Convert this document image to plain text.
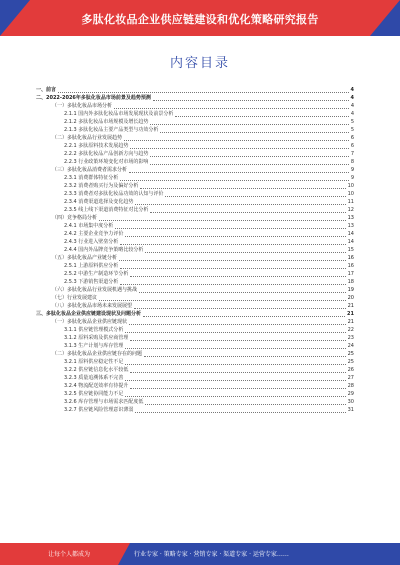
多肽化妆品企业供应链建设和优化策略研究报告
内容目录
一、前言	4
二、2022-2026年多肽化妆品市场前景及趋势预测	4
（一）多肽化妆品市场分析	4
2.1.1 国内外多肽化妆品市场发展现状及前景分析	4
2.1.2 多肽化妆品市场规模及增长趋势	5
2.1.3 多肽化妆品主要产品类型与功效分析	5
（二）多肽化妆品行业发展趋势	6
2.2.1 多肽原料技术发展趋势	6
2.2.2 多肽化妆品产品创新方向与趋势	7
2.2.3 行业政策环境变化对市场的影响	8
（三）多肽化妆品消费者需求分析	9
2.3.1 消费群体特征分析	9
2.3.2 消费者购买行为及偏好分析	10
2.3.3 消费者对多肽化妆品功效的认知与评价	10
2.3.4 消费渠道选择及变化趋势	11
2.3.5 线上线下渠道消费特征对比分析	12
（四）竞争格局分析	13
2.4.1 市场集中度分析	13
2.4.2 主要企业竞争力评价	14
2.4.3 行业进入壁垒分析	14
2.4.4 国内外品牌竞争策略比较分析	15
（五）多肽化妆品产业链分析	16
2.5.1 上游原料供应分析	16
2.5.2 中游生产制造环节分析	17
2.5.3 下游销售渠道分析	18
（六）多肽化妆品行业发展机遇与挑战	19
（七）行业发展建议	20
（八）多肽化妆品市场未来发展展望	21
三、多肽化妆品企业供应链建设现状及问题分析	21
（一）多肽化妆品企业供应链现状	21
3.1.1 供应链管理模式分析	22
3.1.2 原料采购及供应商管理	23
3.1.3 生产计划与库存管理	24
（二）多肽化妆品企业供应链存在的问题	25
3.2.1 原料供应稳定性不足	25
3.2.2 供应链信息化水平较低	26
3.2.3 质量追溯体系不完善	27
3.2.4 物流配送效率有待提升	28
3.2.5 供应链协同能力不足	29
3.2.6 库存管理与市场需求匹配度低	30
3.2.7 供应链风险管理意识薄弱	31
让每个人都成为	行业专家 · 策略专家 · 营销专家 · 渠道专家 · 运营专家……
